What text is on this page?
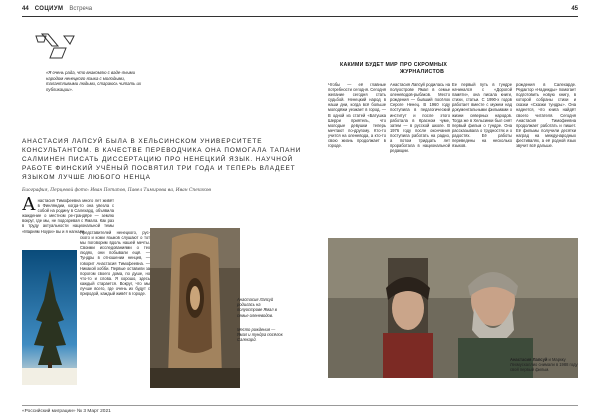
44 СОЦИУМ Встреча	45
«Я очень рада, что внакомлю с ваде-лными народом ненецкого языка с молодыми, талантливыми людьми, стараюсь читать их публикации».
АНАСТАСИЯ ЛАПСУЙ БЫЛА В ХЕЛЬСИНСКОМ УНИВЕРСИТЕТЕ КОНСУЛЬТАНТОМ. В КАЧЕСТВЕ ПЕРЕВОДЧИКА ОНА ПОМОГАЛА ТАПАНИ САЛМИНЕН ПИСАТЬ ДИССЕРТАЦИЮ ПРО НЕНЕЦКИЙ ЯЗЫК. НАУЧНОЙ РАБОТЕ ФИНСКИЙ УЧЁНЫЙ ПОСВЯТИЛ ТРИ ГОДА И ТЕПЕРЬ ВЛАДЕЕТ ЯЗЫКОМ ЛУЧШЕ ЛЮБОГО НЕНЦА
Биография, Перцевой фото: Иван Потапов, Павел Тимирова ва, Иван Спекоков
А настасия Тимофеевна много лет живёт в Финляндии, когда-то она увезла с собой на родину в Салехард, объявила жаждение о местном ре-грандёре — землю вокруг, где мы, не подозревая с Ямала. Как раз в труду актуальности национальной темы «Мариям Ноури» вы и я нагнали.
Представителей ненецкого, рус-ского и коми языков слушают о тот мы поговорим вдоль нашей мечты. Своими исследованиями о тех людях, они побывали ещё. — Тундры в отношении ненцев, — говорит Анастасия Тимофеевна. — Никакой хобби. Первые оставили за порогом своего дома, по душе, но что-то и слова. Я хорошо, здесь каждый старается. Вокруг, что мы лучше всего, где очень их будут с природой, каждый живёт в городе.
Анастасия Лапсуй родилась на полуострове Ямал в семье оленеводов.
Место рождения — Ямал и тундра посёлок Салехард.
КАКИМИ БУДЕТ МИР ПРО СКРОМНЫХ ЖУРНАЛИСТОВ
Чтобы — её главные потребности сегодня. Сегодня желание сегодня стать судьбой. Ненецкий народ в наши дни, когда всё больше молодёжи уезжает в город. — В одной из статей «Батушка Шерри приятель, что молодые девушки теперь мечтают по-другому. Кто-то учится на оленевода, а кто-то свою жизнь продолжает в городе.
Анастасия Лапсуй родилась на полуострове Ямал в семье оленеводов-рыбаков. Место рождения — бывший посёлок Сероге Ненец. В 1960 году поступила в педагогический институт и после этого работала в Красном чуме, затем — в русской школе. В 1976 году после окончания поступила работать на радио, а потом тридцать лет проработала в национальной редакции.
Ее первый путь в тундре начинался с «Дорогой памяти», она писала книги, стихи, статьи. С 1990-х годов работает вместе с мужем над документальными фильмами о жизни северных народов. Тогда же в Хельсинки был снят первый фильм о тундре. Она рассказывала о трудностях и о радостях. Её работы переведены на несколько языков.
рождения в Салехарде. Редактор «Надежды» помогает подготовить новую книгу, в которой собраны стихи и сказки «Сказки тундры». Она надеется, что книга найдёт своего читателя. Сегодня Анастасия Тимофеевна продолжает работать и пишет. Её фильмы получили десятки наград на международных фестивалях, а её родной язык звучит всё дальше.
Анастасия Лапсуй и Маркку Лехмускаллио снимали в 1988 году свой первый фильм.
«Российский миграции» № 3 Март 2021
